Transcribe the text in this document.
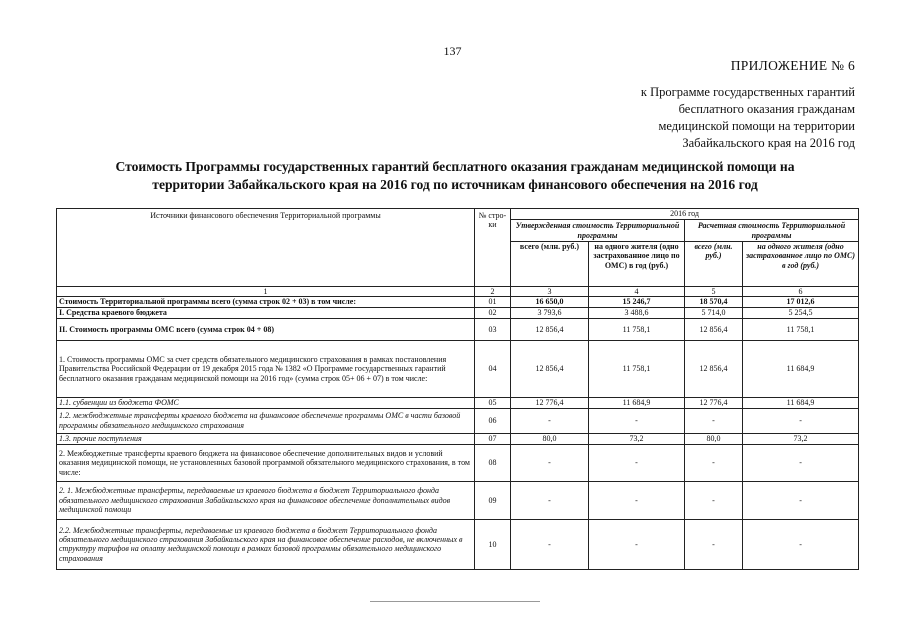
137
ПРИЛОЖЕНИЕ № 6
к Программе государственных гарантий
бесплатного оказания гражданам
медицинской помощи на территории
Забайкальского края на 2016 год
Стоимость Программы государственных гарантий бесплатного оказания гражданам медицинской помощи на
территории Забайкальского края на 2016 год по источникам финансового обеспечения на 2016 год
Источники финансового обеспечения Территориальной программы	№ стро- ки	2016 год			
		Утвержденная стоимость Территориальной программы		Расчетная стоимость Территориальной программы	
		всего (млн. руб.)	на одного жителя (одно застрахованное лицо по ОМС) в год (руб.)	всего (млн. руб.)	на одного жителя (одно застрахованное лицо по ОМС) в год (руб.)
1	2	3	4	5	6
Стоимость Территориальной программы всего (сумма строк 02 + 03) в том числе:	01	16 650,0	15 246,7	18 570,4	17 012,6
I. Средства краевого бюджета	02	3 793,6	3 488,6	5 714,0	5 254,5
II. Стоимость программы ОМС всего (сумма строк 04 + 08)	03	12 856,4	11 758,1	12 856,4	11 758,1
1. Стоимость программы ОМС за счет средств обязательного медицинского страхования в рамках постановления Правительства Российской Федерации от 19 декабря 2015 года № 1382 «О Программе государственных гарантий бесплатного оказания гражданам медицинской помощи на 2016 год» (сумма строк 05+ 06 + 07) в том числе:	04	12 856,4	11 758,1	12 856,4	11 684,9
1.1. субвенции из бюджета ФОМС	05	12 776,4	11 684,9	12 776,4	11 684,9
1.2. межбюджетные трансферты краевого бюджета на финансовое обеспечение программы ОМС в части базовой программы обязательного медицинского страхования	06	-	-	-	-
1.3. прочие поступления	07	80,0	73,2	80,0	73,2
2. Межбюджетные трансферты краевого бюджета на финансовое обеспечение дополнительных видов и условий оказания медицинской помощи, не установленных базовой программой обязательного медицинского страхования, в том числе:	08	-	-	-	-
2. 1. Межбюджетные трансферты, передаваемые из краевого бюджета в бюджет Территориального фонда обязательного медицинского страхования Забайкальского края на финансовое обеспечение дополнительных видов медицинской помощи	09	-	-	-	-
2.2. Межбюджетные трансферты, передаваемые из краевого бюджета в бюджет Территориального фонда обязательного медицинского страхования Забайкальского края на финансовое обеспечение расходов, не включенных в структуру тарифов на оплату медицинской помощи в рамках базовой программы обязательного медицинского страхования	10	-	-	-	-
